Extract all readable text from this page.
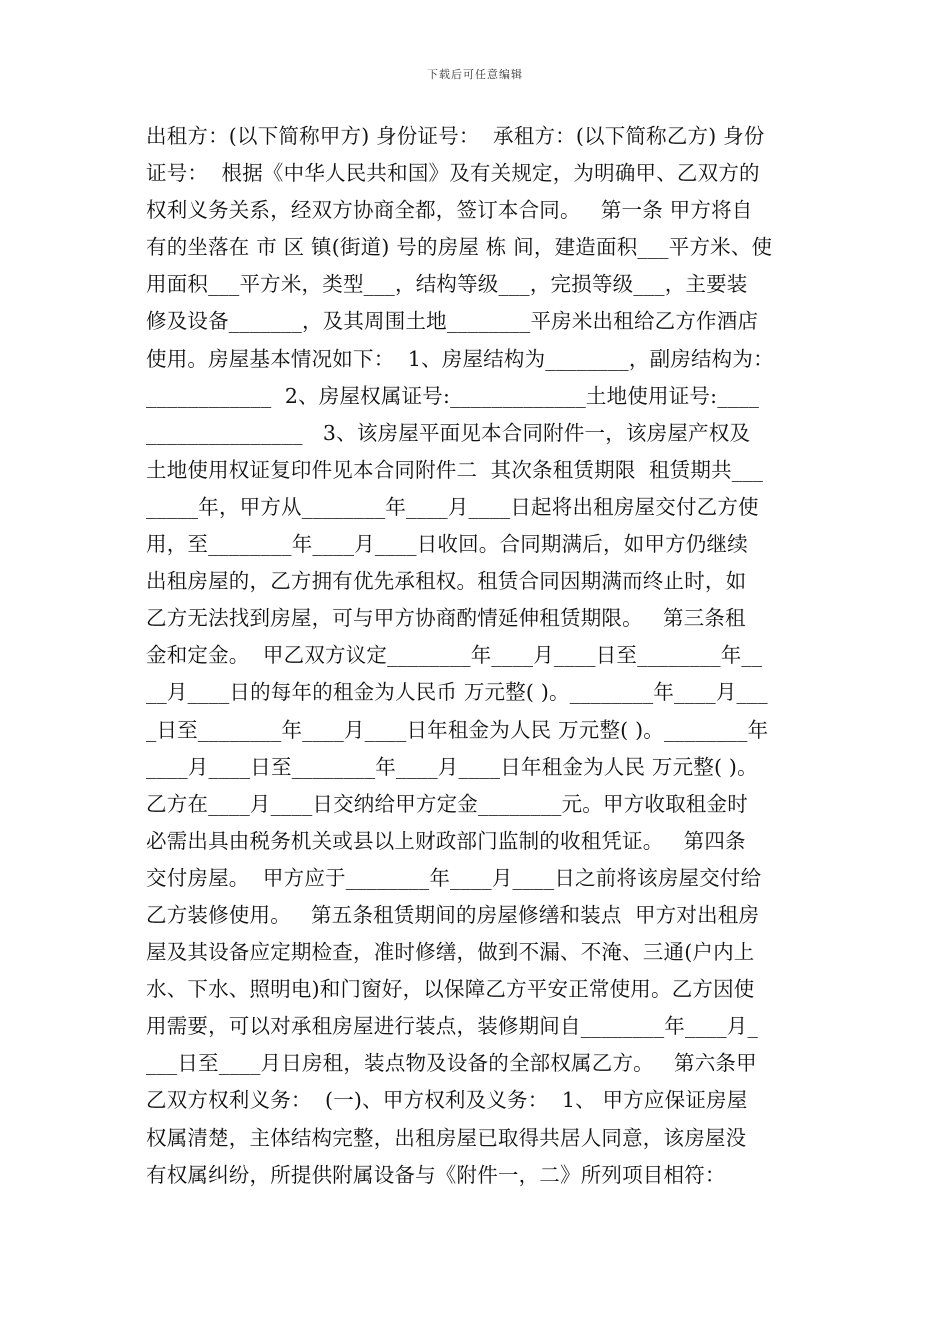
下载后可任意编辑
出租方：(以下简称甲方) 身份证号：  承租方：(以下简称乙方) 身份
证号：  根据《中华人民共和国》及有关规定，为明确甲、乙双方的
权利义务关系，经双方协商全都，签订本合同。   第一条 甲方将自
有的坐落在 市 区 镇(街道) 号的房屋 栋 间，建造面积___平方米、使
用面积___平方米，类型___，结构等级___，完损等级___，主要装
修及设备_______，及其周围土地________平房米出租给乙方作酒店
使用。房屋基本情况如下：  1、房屋结构为________，副房结构为：
____________  2、房屋权属证号:_____________土地使用证号:____
_______________   3、该房屋平面见本合同附件一，该房屋产权及
土地使用权证复印件见本合同附件二  其次条租赁期限  租赁期共___
_____年，甲方从________年____月____日起将出租房屋交付乙方使
用，至________年____月____日收回。合同期满后，如甲方仍继续
出租房屋的，乙方拥有优先承租权。租赁合同因期满而终止时，如
乙方无法找到房屋，可与甲方协商酌情延伸租赁期限。   第三条租
金和定金。  甲乙双方议定________年____月____日至________年__
__月____日的每年的租金为人民币 万元整( )。________年____月___
_日至________年____月____日年租金为人民 万元整( )。________年
____月____日至________年____月____日年租金为人民 万元整( )。
乙方在____月____日交纳给甲方定金________元。甲方收取租金时
必需出具由税务机关或县以上财政部门监制的收租凭证。   第四条
交付房屋。  甲方应于________年____月____日之前将该房屋交付给
乙方装修使用。   第五条租赁期间的房屋修缮和装点  甲方对出租房
屋及其设备应定期检查，准时修缮，做到不漏、不淹、三通(户内上
水、下水、照明电)和门窗好，以保障乙方平安正常使用。乙方因使
用需要，可以对承租房屋进行装点，装修期间自________年____月_
___日至____月日房租，装点物及设备的全部权属乙方。   第六条甲
乙双方权利义务：  (一)、甲方权利及义务：  1、 甲方应保证房屋
权属清楚，主体结构完整，出租房屋已取得共居人同意，该房屋没
有权属纠纷，所提供附属设备与《附件一，二》所列项目相符：
